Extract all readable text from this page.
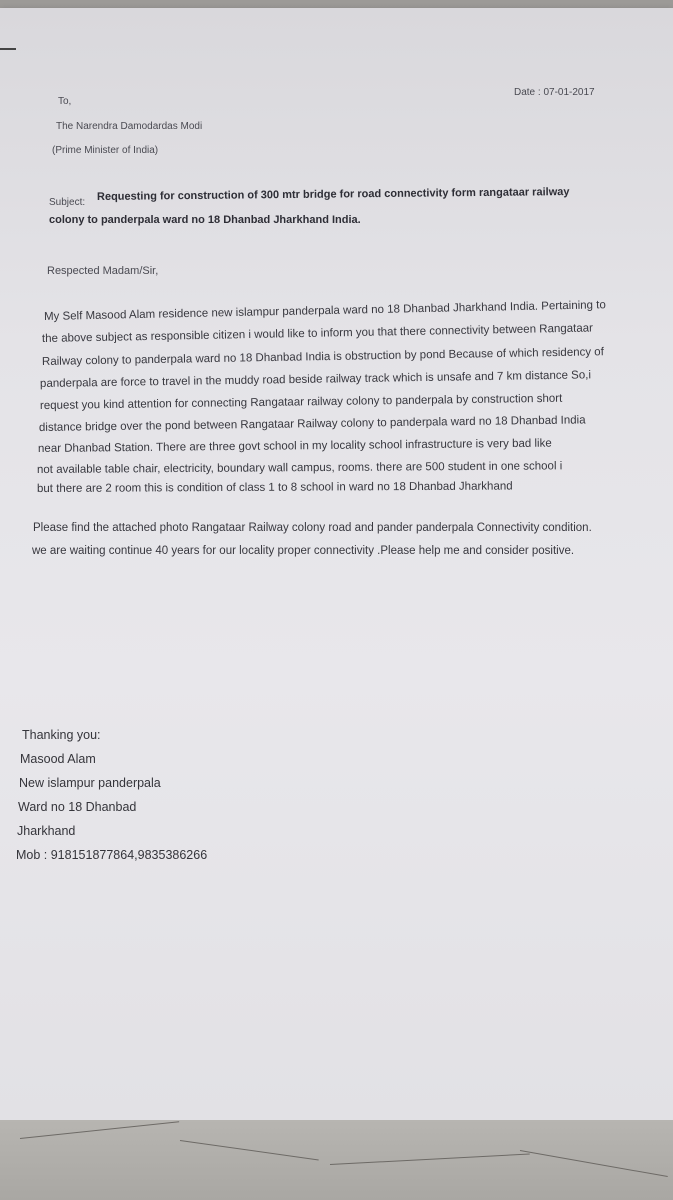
Date : 07-01-2017
To,
The Narendra Damodardas Modi
(Prime Minister of India)
Subject: Requesting for construction of 300 mtr bridge for road connectivity form rangataar railway
colony to panderpala ward no 18 Dhanbad Jharkhand India.
Respected Madam/Sir,
My Self Masood Alam residence new islampur panderpala ward no 18 Dhanbad Jharkhand India. Pertaining to
the above subject as responsible citizen i would like to inform you that there connectivity between Rangataar
Railway colony to panderpala ward no 18 Dhanbad India is obstruction by pond Because of which residency of
panderpala are force to travel in the muddy road beside railway track which is unsafe and 7 km distance So,i
request you kind attention for connecting Rangataar railway colony to panderpala by construction short
distance bridge over the pond between Rangataar Railway colony to panderpala ward no 18 Dhanbad India
near Dhanbad Station. There are three govt school in my locality school infrastructure is very bad like
not available table chair, electricity, boundary wall campus, rooms. there are 500 student in one school i
but there are 2 room this is condition of class 1 to 8 school in ward no 18 Dhanbad Jharkhand
Please find the attached photo Rangataar Railway colony road and pander panderpala Connectivity condition.
we are waiting continue 40 years for our locality proper connectivity .Please help me and consider positive.
Thanking you:
Masood Alam
New islampur panderpala
Ward no 18 Dhanbad
Jharkhand
Mob : 918151877864,9835386266
